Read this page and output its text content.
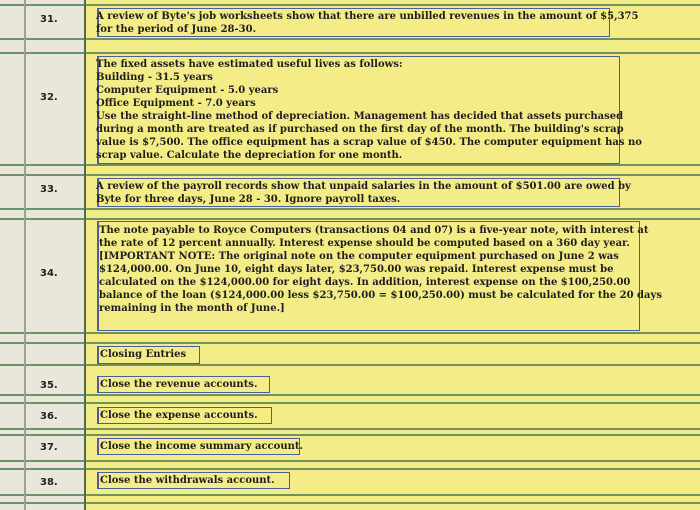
31.
32.
33.
34.
35.
36.
37.
38.
A review of Byte's job worksheets show that there are unbilled revenues in the amount of $5,375
for the period of June 28-30.
The fixed assets have estimated useful lives as follows:
Building - 31.5 years
Computer Equipment - 5.0 years
Office Equipment - 7.0 years
Use the straight-line method of depreciation. Management has decided that assets purchased
during a month are treated as if purchased on the first day of the month. The building's scrap
value is $7,500. The office equipment has a scrap value of $450. The computer equipment has no
scrap value. Calculate the depreciation for one month.
A review of the payroll records show that unpaid salaries in the amount of $501.00 are owed by
Byte for three days, June 28 - 30. Ignore payroll taxes.
The note payable to Royce Computers (transactions 04 and 07) is a five-year note, with interest at
the rate of 12 percent annually. Interest expense should be computed based on a 360 day year.
[IMPORTANT NOTE: The original note on the computer equipment purchased on June 2 was
$124,000.00. On June 10, eight days later, $23,750.00 was repaid. Interest expense must be
calculated on the $124,000.00 for eight days. In addition, interest expense on the $100,250.00
balance of the loan ($124,000.00 less $23,750.00 = $100,250.00) must be calculated for the 20 days
remaining in the month of June.]
Closing Entries
Close the revenue accounts.
Close the expense accounts.
Close the income summary account.
Close the withdrawals account.
